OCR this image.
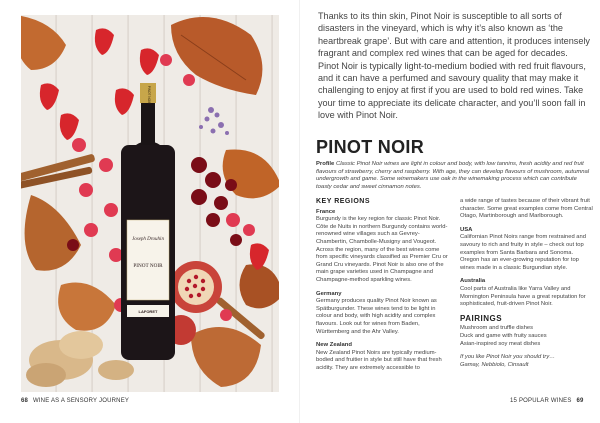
PINOT NOIR
Joseph Drouhin
PINOT NOIR
LAFORET
68 WINE AS A SENSORY JOURNEY

Thanks to its thin skin, Pinot Noir is susceptible to all sorts of disasters in the vineyard, which is why it’s also known as ‘the heartbreak grape’. But with care and attention, it produces intensely fragrant and complex red wines that can be aged for decades. Pinot Noir is typically light-to-medium bodied with red fruit flavours, and it can have a perfumed and savoury quality that may make it challenging to enjoy at first if you are used to bold red wines. Take your time to appreciate its delicate character, and you’ll soon fall in love with Pinot Noir.

PINOT NOIR

Profile Classic Pinot Noir wines are light in colour and body, with low tannins, fresh acidity and red fruit flavours of strawberry, cherry and raspberry. With age, they can develop flavours of mushroom, autumnal undergrowth and game. Some winemakers use oak in the winemaking process which can contribute toasty cedar and sweet cinnamon notes.

KEY REGIONS
France

Burgundy is the key region for classic Pinot Noir. Côte de Nuits in northern Burgundy contains world-renowned wine villages such as Gevrey-Chambertin, Chambolle-Musigny and Vougeot. Across the region, many of the best wines come from specific vineyards classified as Premier Cru or Grand Cru vineyards. Pinot Noir is also one of the main grape varieties used in Champagne and Champagne-method sparkling wines.

Germany

Germany produces quality Pinot Noir known as Spätburgunder. These wines tend to be light in colour and body, with high acidity and complex flavours. Look out for wines from Baden, Württemberg and the Ahr Valley.

New Zealand

New Zealand Pinot Noirs are typically medium-bodied and fruitier in style but still have that fresh acidity. They are extremely accessible to

a wide range of tastes because of their vibrant fruit character. Some great examples come from Central Otago, Martinborough and Marlborough.

USA

Californian Pinot Noirs range from restrained and savoury to rich and fruity in style – check out top examples from Santa Barbara and Sonoma. Oregon has an ever-growing reputation for top wines made in a classic Burgundian style.

Australia

Cool parts of Australia like Yarra Valley and Mornington Peninsula have a great reputation for sophisticated, fruit-driven Pinot Noir.

PAIRINGS
Mushroom and truffle dishes
Duck and game with fruity sauces
Asian-inspired soy meat dishes
If you like Pinot Noir you should try…
Gamay, Nebbiolo, Cinsault
15 POPULAR WINES 69
